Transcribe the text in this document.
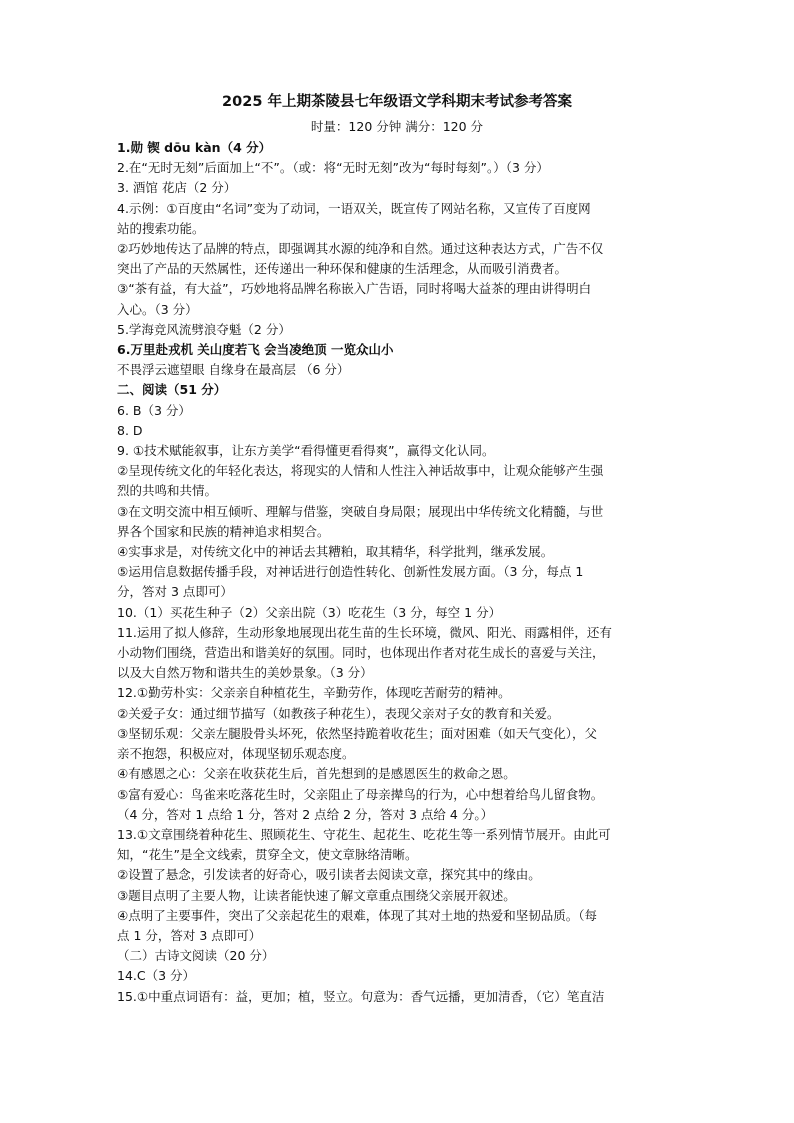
2025 年上期茶陵县七年级语文学科期末考试参考答案

时量：120 分钟 满分：120 分

1.勋 锲 dōu kàn（4 分）

2.在“无时无刻”后面加上“不”。（或：将“无时无刻”改为“每时每刻”。）（3 分）

3. 酒馆 花店（2 分）

4.示例：①百度由“名词”变为了动词，一语双关，既宣传了网站名称，又宣传了百度网

站的搜索功能。

②巧妙地传达了品牌的特点，即强调其水源的纯净和自然。通过这种表达方式，广告不仅

突出了产品的天然属性，还传递出一种环保和健康的生活理念，从而吸引消费者。

③“茶有益，有大益”，巧妙地将品牌名称嵌入广告语，同时将喝大益茶的理由讲得明白

入心。（3 分）

5.学海竞风流劈浪夺魁（2 分）

6.万里赴戎机 关山度若飞 会当凌绝顶 一览众山小

不畏浮云遮望眼 自缘身在最高层 （6 分）

二、阅读（51 分）

6. B（3 分）

8. D

9. ①技术赋能叙事，让东方美学“看得懂更看得爽”，赢得文化认同。

②呈现传统文化的年轻化表达，将现实的人情和人性注入神话故事中，让观众能够产生强

烈的共鸣和共情。

③在文明交流中相互倾听、理解与借鉴，突破自身局限；展现出中华传统文化精髓，与世

界各个国家和民族的精神追求相契合。

④实事求是，对传统文化中的神话去其糟粕，取其精华，科学批判，继承发展。

⑤运用信息数据传播手段，对神话进行创造性转化、创新性发展方面。（3 分，每点 1

分，答对 3 点即可）

10.（1）买花生种子（2）父亲出院（3）吃花生（3 分，每空 1 分）

11.运用了拟人修辞，生动形象地展现出花生苗的生长环境，微风、阳光、雨露相伴，还有

小动物们围绕，营造出和谐美好的氛围。同时，也体现出作者对花生成长的喜爱与关注，

以及大自然万物和谐共生的美妙景象。（3 分）

12.①勤劳朴实：父亲亲自种植花生，辛勤劳作，体现吃苦耐劳的精神。

②关爱子女：通过细节描写（如教孩子种花生），表现父亲对子女的教育和关爱。

③坚韧乐观：父亲左腿股骨头坏死，依然坚持跪着收花生；面对困难（如天气变化），父

亲不抱怨，积极应对，体现坚韧乐观态度。

④有感恩之心：父亲在收获花生后，首先想到的是感恩医生的救命之恩。

⑤富有爱心：鸟雀来吃落花生时，父亲阻止了母亲撵鸟的行为，心中想着给鸟儿留食物。

（4 分，答对 1 点给 1 分，答对 2 点给 2 分，答对 3 点给 4 分。）

13.①文章围绕着种花生、照顾花生、守花生、起花生、吃花生等一系列情节展开。由此可

知，“花生”是全文线索，贯穿全文，使文章脉络清晰。

②设置了悬念，引发读者的好奇心，吸引读者去阅读文章，探究其中的缘由。

③题目点明了主要人物，让读者能快速了解文章重点围绕父亲展开叙述。

④点明了主要事件，突出了父亲起花生的艰难，体现了其对土地的热爱和坚韧品质。（每

点 1 分，答对 3 点即可）

（二）古诗文阅读（20 分）

14.C（3 分）

15.①中重点词语有：益，更加；植，竖立。句意为：香气远播，更加清香，（它）笔直洁
